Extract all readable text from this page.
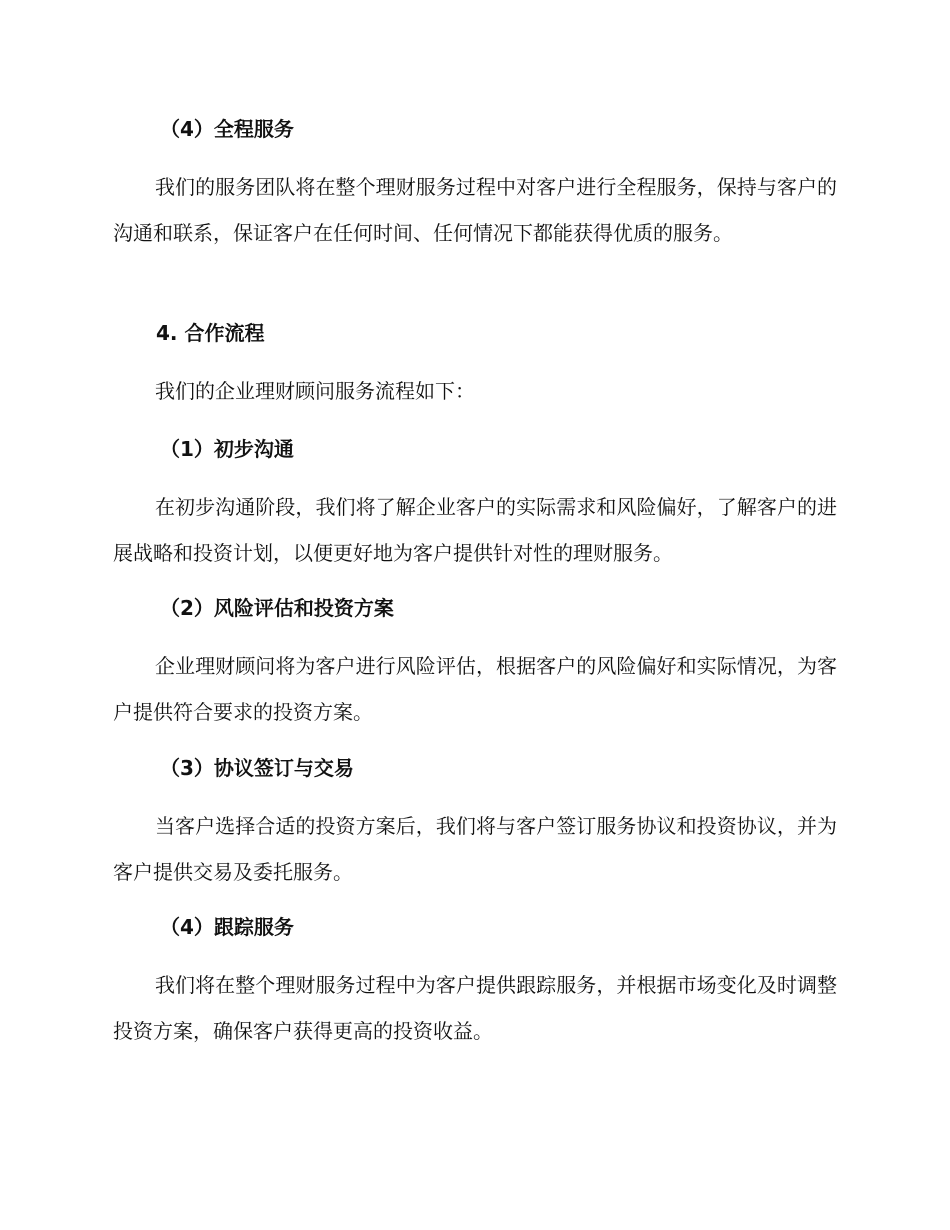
（4）全程服务

我们的服务团队将在整个理财服务过程中对客户进行全程服务，保持与客户的沟通和联系，保证客户在任何时间、任何情况下都能获得优质的服务。

4. 合作流程

我们的企业理财顾问服务流程如下：

（1）初步沟通

在初步沟通阶段，我们将了解企业客户的实际需求和风险偏好，了解客户的进展战略和投资计划，以便更好地为客户提供针对性的理财服务。

（2）风险评估和投资方案

企业理财顾问将为客户进行风险评估，根据客户的风险偏好和实际情况，为客户提供符合要求的投资方案。

（3）协议签订与交易

当客户选择合适的投资方案后，我们将与客户签订服务协议和投资协议，并为客户提供交易及委托服务。

（4）跟踪服务

我们将在整个理财服务过程中为客户提供跟踪服务，并根据市场变化及时调整投资方案，确保客户获得更高的投资收益。
